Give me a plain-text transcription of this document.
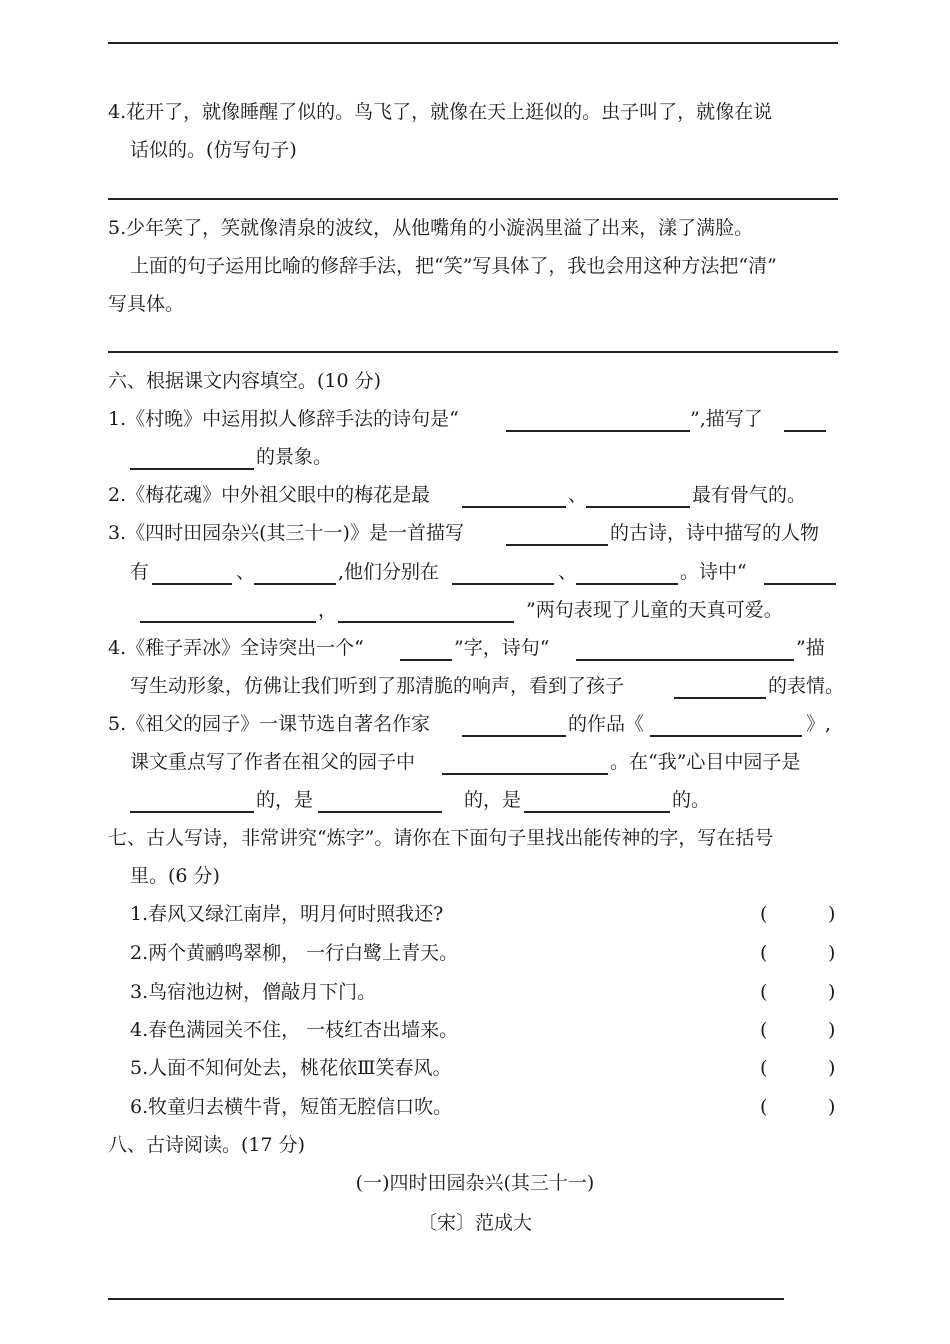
4.花开了，就像睡醒了似的。鸟飞了，就像在天上逛似的。虫子叫了，就像在说
话似的。(仿写句子)
5.少年笑了，笑就像清泉的波纹，从他嘴角的小漩涡里溢了出来，漾了满脸。
上面的句子运用比喻的修辞手法，把“笑”写具体了，我也会用这种方法把“清”
写具体。
六、根据课文内容填空。(10 分)
1.《村晚》中运用拟人修辞手法的诗句是“	”,描写了
的景象。
2.《梅花魂》中外祖父眼中的梅花是最	、	最有骨气的。
3.《四时田园杂兴(其三十一)》是一首描写	的古诗，诗中描写的人物
有	、	,他们分别在	、	。诗中“
，	”两句表现了儿童的天真可爱。
4.《稚子弄冰》全诗突出一个“	”字，诗句“	”描
写生动形象，仿佛让我们听到了那清脆的响声，看到了孩子	的表情。
5.《祖父的园子》一课节选自著名作家	的作品《	》,
课文重点写了作者在祖父的园子中	。在“我”心目中园子是
的，是	的，是	的。
七、古人写诗，非常讲究“炼字”。请你在下面句子里找出能传神的字，写在括号
里。(6 分)
1.春风又绿江南岸，明月何时照我还?	(	)
2.两个黄鹂鸣翠柳， 一行白鹭上青天。	(	)
3.鸟宿池边树，僧敲月下门。	(	)
4.春色满园关不住， 一枝红杏出墙来。	(	)
5.人面不知何处去，桃花依Ⅲ笑春风。	(	)
6.牧童归去横牛背，短笛无腔信口吹。	(	)
八、古诗阅读。(17 分)
(一)四时田园杂兴(其三十一)
〔宋〕范成大
